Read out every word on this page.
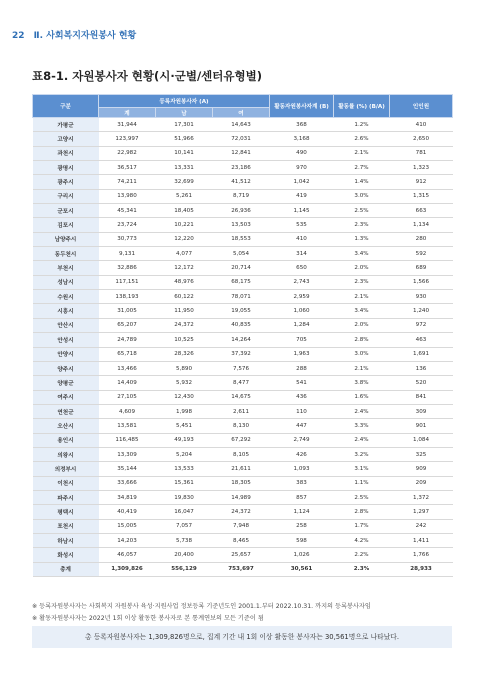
22 Ⅱ. 사회복지자원봉사 현황
표8-1. 자원봉사자 현황(시·군별/센터유형별)
구분	등록자원봉사자 (A)			활동자원봉사자계 (B)	활동률 (%) (B/A)	인인원
	계	남	여			
가평군	31,944	17,301	14,643	368	1.2%	410
고양시	123,997	51,966	72,031	3,168	2.6%	2,650
과천시	22,982	10,141	12,841	490	2.1%	781
광명시	36,517	13,331	23,186	970	2.7%	1,323
광주시	74,211	32,699	41,512	1,042	1.4%	912
구리시	13,980	5,261	8,719	419	3.0%	1,315
군포시	45,341	18,405	26,936	1,145	2.5%	663
김포시	23,724	10,221	13,503	535	2.3%	1,134
남양주시	30,773	12,220	18,553	410	1.3%	280
동두천시	9,131	4,077	5,054	314	3.4%	592
부천시	32,886	12,172	20,714	650	2.0%	689
성남시	117,151	48,976	68,175	2,743	2.3%	1,566
수원시	138,193	60,122	78,071	2,959	2.1%	930
시흥시	31,005	11,950	19,055	1,060	3.4%	1,240
안산시	65,207	24,372	40,835	1,284	2.0%	972
안성시	24,789	10,525	14,264	705	2.8%	463
안양시	65,718	28,326	37,392	1,963	3.0%	1,691
양주시	13,466	5,890	7,576	288	2.1%	136
양평군	14,409	5,932	8,477	541	3.8%	520
여주시	27,105	12,430	14,675	436	1.6%	841
연천군	4,609	1,998	2,611	110	2.4%	309
오산시	13,581	5,451	8,130	447	3.3%	901
용인시	116,485	49,193	67,292	2,749	2.4%	1,084
의왕시	13,309	5,204	8,105	426	3.2%	325
의정부시	35,144	13,533	21,611	1,093	3.1%	909
이천시	33,666	15,361	18,305	383	1.1%	209
파주시	34,819	19,830	14,989	857	2.5%	1,372
평택시	40,419	16,047	24,372	1,124	2.8%	1,297
포천시	15,005	7,057	7,948	258	1.7%	242
하남시	14,203	5,738	8,465	598	4.2%	1,411
화성시	46,057	20,400	25,657	1,026	2.2%	1,766
총계	1,309,826	556,129	753,697	30,561	2.3%	28,933
※ 등록자원봉사자는 사회복지 자원봉사 육성·지원사업 정보등록 기준년도인 2001.1.부터 2022.10.31. 까지의 등록봉사자임
※ 활동자원봉사자는 2022년 1회 이상 활동한 봉사자로 본 통계연보의 모든 기준이 됨
총 등록자원봉사자는 1,309,826명으로, 집계 기간 내 1회 이상 활동한 봉사자는 30,561명으로 나타났다.
